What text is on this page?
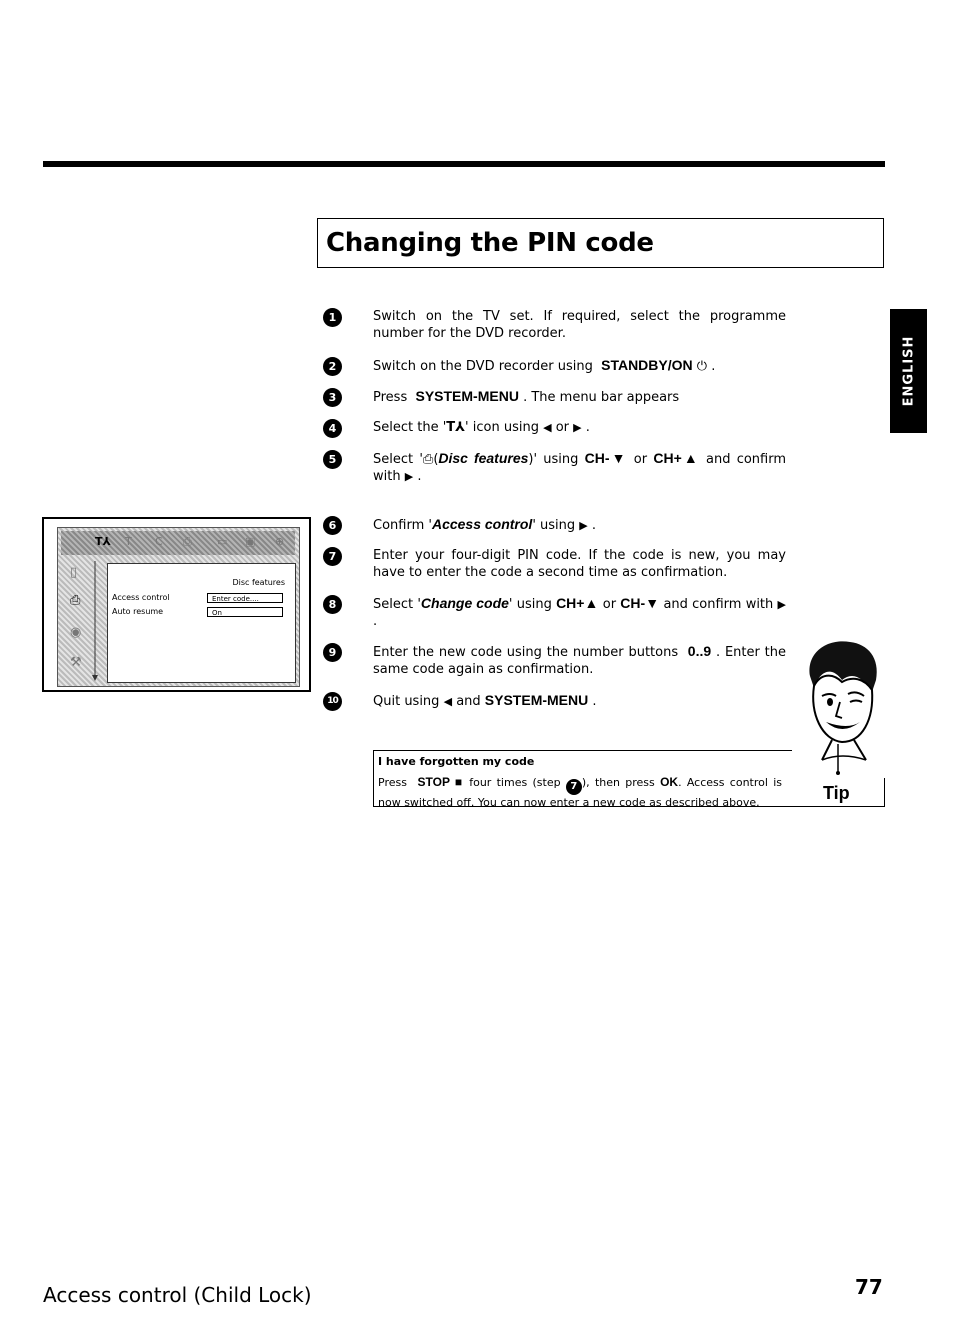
Changing the PIN code
ENGLISH
1	Switch on the TV set. If required, select the programme number for the DVD recorder.
2	Switch on the DVD recorder using STANDBY/ON ⏻ .
3	Press SYSTEM-MENU . The menu bar appears
4	Select the 'T⅄' icon using ◀ or ▶ .
5	Select '⎙(Disc features)' using CH-▼ or CH+▲ and confirm with ▶ .
6	Confirm 'Access control' using ▶ .
7	Enter your four-digit PIN code. If the code is new, you may have to enter the code a second time as confirmation.
8	Select 'Change code' using CH+▲ or CH-▼ and confirm with ▶ .
9	Enter the new code using the number buttons 0..9 . Enter the same code again as confirmation.
10	Quit using ◀ and SYSTEM-MENU .
T⅄ T C ⎙ ▭ ▣ ⊕
▯
⎙
◉
⚒
Disc features
Access control	Enter code....
Auto resume	On
I have forgotten my code
Press STOP ■ four times (step 7 ), then press OK. Access control is now switched off. You can now enter a new code as described above.	Tip
Access control (Child Lock)	77
